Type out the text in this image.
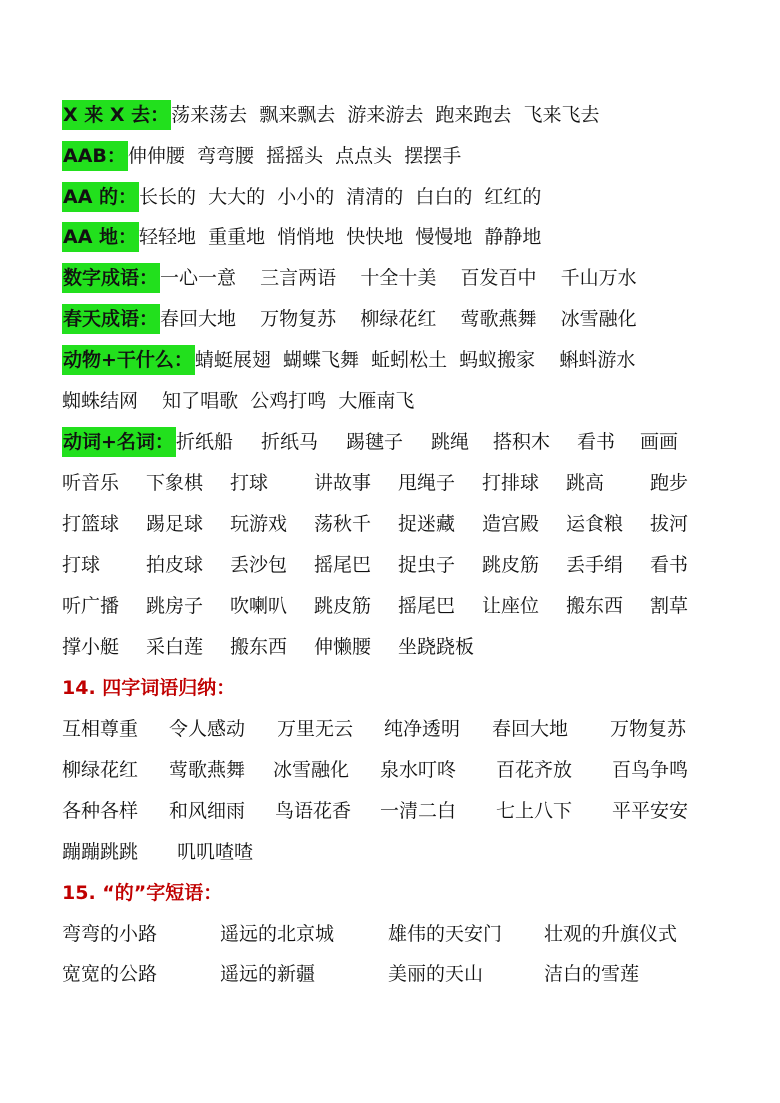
X 来 X 去： 荡来荡去  飘来飘去  游来游去  跑来跑去  飞来飞去
AAB： 伸伸腰  弯弯腰  摇摇头  点点头  摆摆手
AA 的： 长长的  大大的  小小的  清清的  白白的  红红的
AA 地： 轻轻地  重重地  悄悄地  快快地  慢慢地  静静地
数字成语： 一心一意    三言两语    十全十美    百发百中    千山万水
春天成语： 春回大地    万物复苏    柳绿花红    莺歌燕舞    冰雪融化
动物+干什么： 蜻蜓展翅  蝴蝶飞舞  蚯蚓松土  蚂蚁搬家    蝌蚪游水
蜘蛛结网    知了唱歌  公鸡打鸣  大雁南飞
动词+名词： 折纸船 折纸马 踢毽子 跳绳 搭积木 看书 画画
听音乐 下象棋 打球 讲故事 甩绳子 打排球 跳高 跑步
打篮球 踢足球 玩游戏 荡秋千 捉迷藏 造宫殿 运食粮 拔河
打球 拍皮球 丢沙包 摇尾巴 捉虫子 跳皮筋 丢手绢 看书
听广播 跳房子 吹喇叭 跳皮筋 摇尾巴 让座位 搬东西 割草
撑小艇 采白莲 搬东西 伸懒腰 坐跷跷板
14. 四字词语归纳：
互相尊重 令人感动 万里无云 纯净透明 春回大地 万物复苏
柳绿花红 莺歌燕舞 冰雪融化 泉水叮咚 百花齐放 百鸟争鸣
各种各样 和风细雨 鸟语花香 一清二白 七上八下 平平安安
蹦蹦跳跳 叽叽喳喳
15. “的”字短语：
弯弯的小路	遥远的北京城	雄伟的天安门 壮观的升旗仪式
宽宽的公路	遥远的新疆	美丽的天山	洁白的雪莲
